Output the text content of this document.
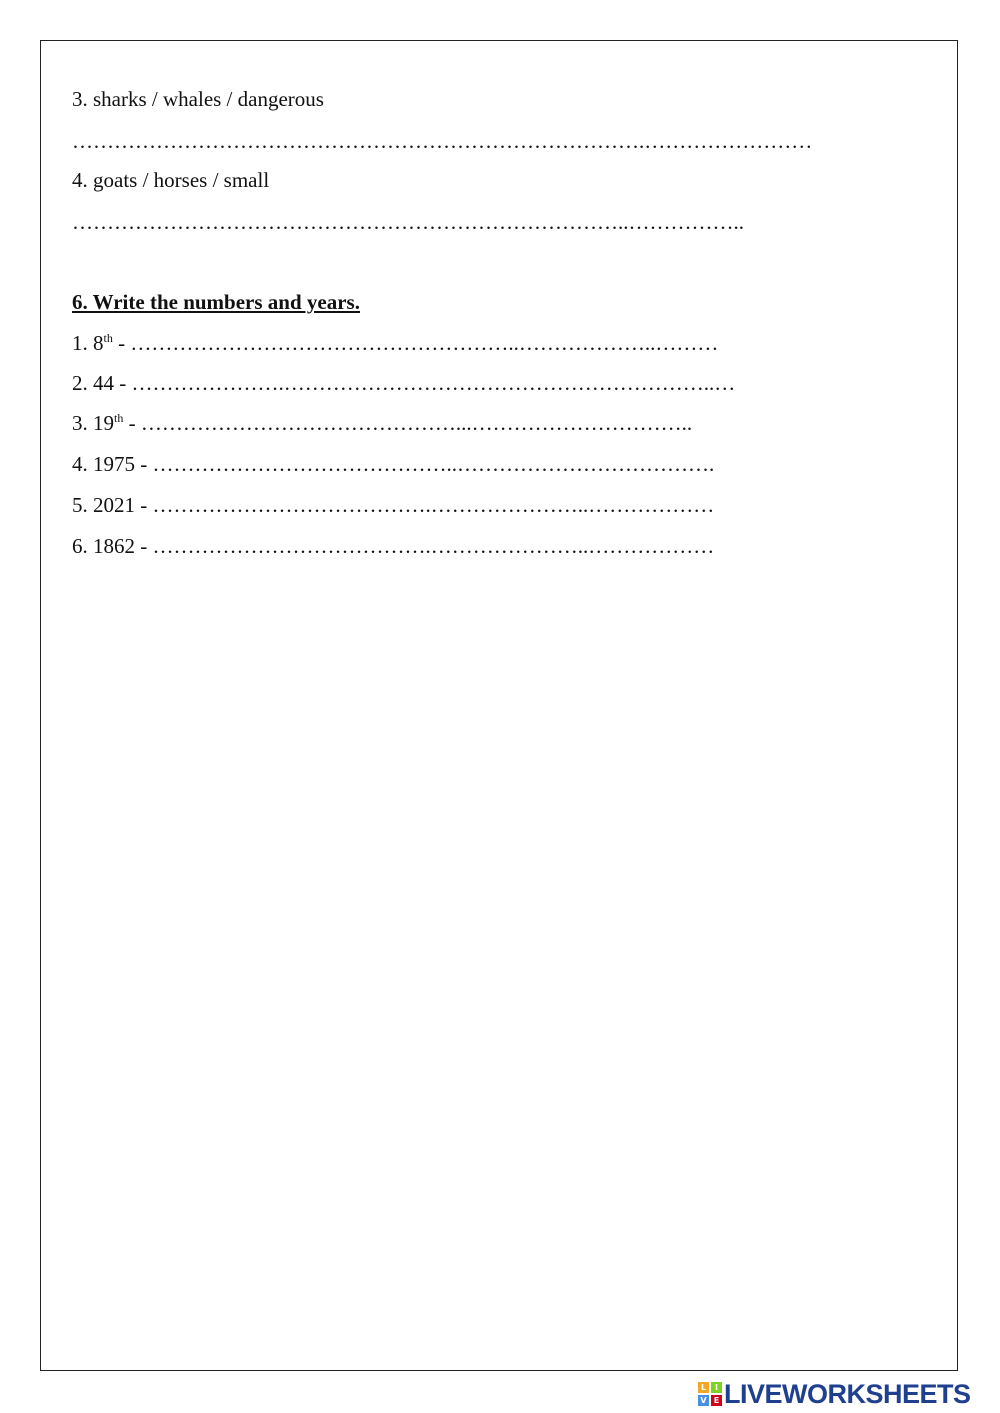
3. sharks / whales / dangerous
……………………………………………………………………….……………………
4. goats / horses / small
……………………………………………………………………..……………..
6. Write the numbers and years.
1. 8th - ………………………………………………..………………..………
2. 44 - ………………….……………………………………………………..…
3. 19th - ………………………………………...…………………………..
4. 1975 - ……………………………………..……………………………….
5. 2021 - ………………………………….…………………..………………
6. 1862 - ………………………………….…………………..………………
L	I
V E LIVEWORKSHEETS
